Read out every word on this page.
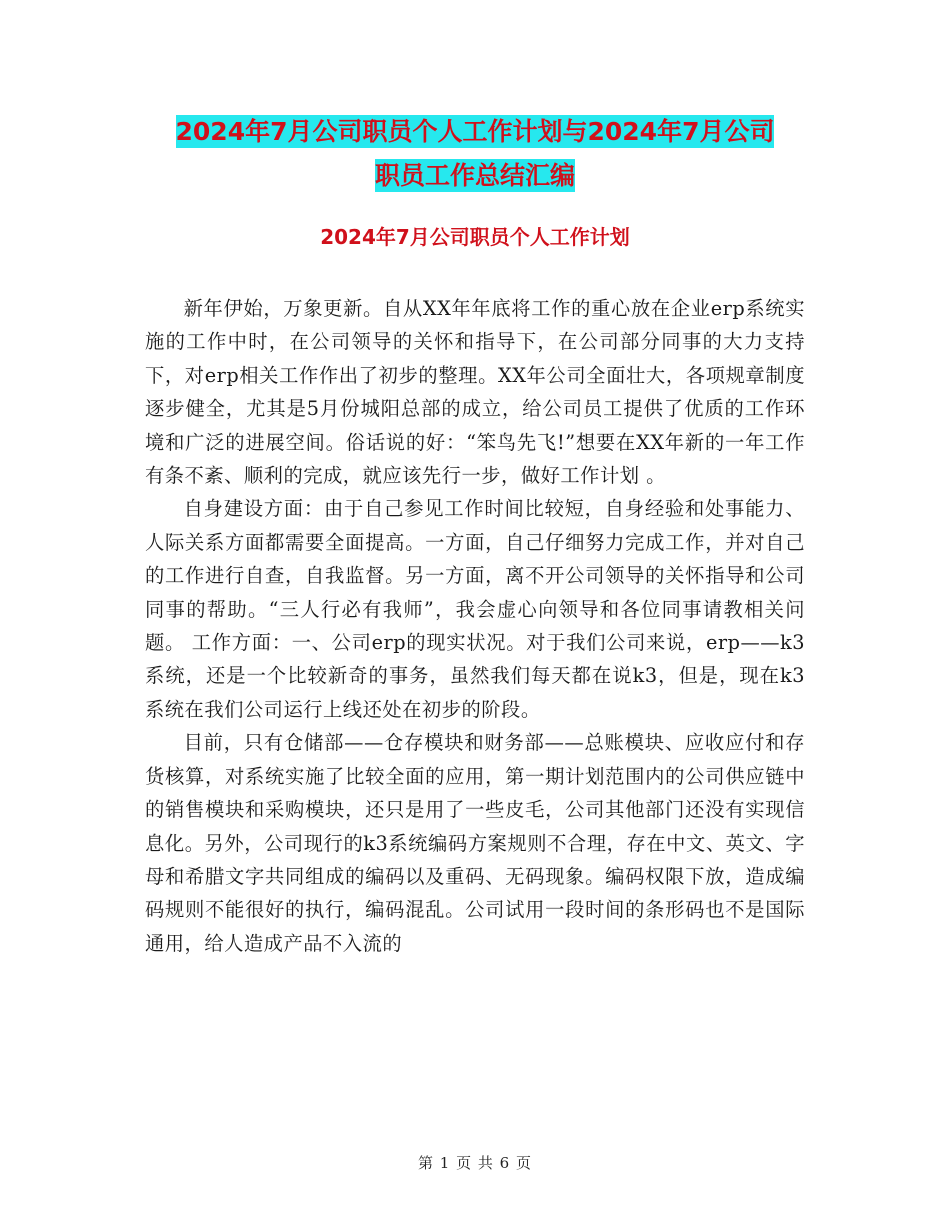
2024年7月公司职员个人工作计划与2024年7月公司
职员工作总结汇编
2024年7月公司职员个人工作计划

新年伊始，万象更新。自从XX年年底将工作的重心放在企业erp系统实施的工作中时，在公司领导的关怀和指导下，在公司部分同事的大力支持下，对erp相关工作作出了初步的整理。XX年公司全面壮大，各项规章制度逐步健全，尤其是5月份城阳总部的成立，给公司员工提供了优质的工作环境和广泛的进展空间。俗话说的好：“笨鸟先飞!”想要在XX年新的一年工作有条不紊、顺利的完成，就应该先行一步，做好工作计划 。

自身建设方面：由于自己参见工作时间比较短，自身经验和处事能力、人际关系方面都需要全面提高。一方面，自己仔细努力完成工作，并对自己的工作进行自查，自我监督。另一方面，离不开公司领导的关怀指导和公司同事的帮助。“三人行必有我师”，我会虚心向领导和各位同事请教相关问题。 工作方面：一、公司erp的现实状况。对于我们公司来说，erp——k3系统，还是一个比较新奇的事务，虽然我们每天都在说k3，但是，现在k3系统在我们公司运行上线还处在初步的阶段。

目前，只有仓储部——仓存模块和财务部——总账模块、应收应付和存货核算，对系统实施了比较全面的应用，第一期计划范围内的公司供应链中的销售模块和采购模块，还只是用了一些皮毛，公司其他部门还没有实现信息化。另外，公司现行的k3系统编码方案规则不合理，存在中文、英文、字母和希腊文字共同组成的编码以及重码、无码现象。编码权限下放，造成编码规则不能很好的执行，编码混乱。公司试用一段时间的条形码也不是国际通用，给人造成产品不入流的

第 1 页 共 6 页
